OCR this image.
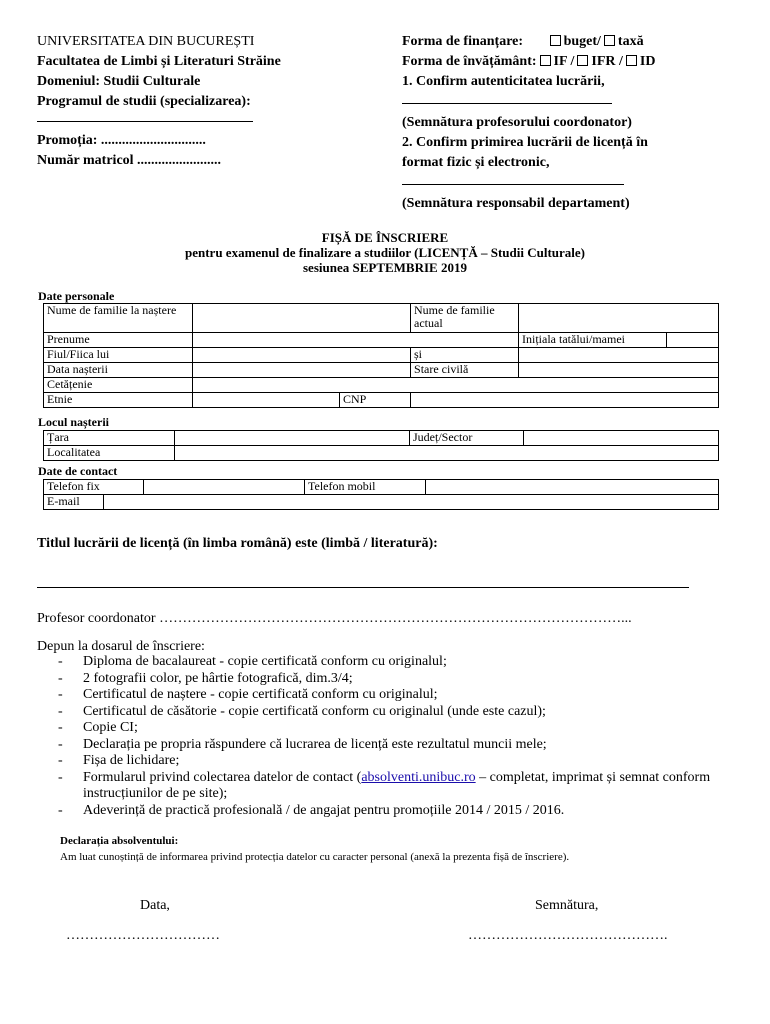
UNIVERSITATEA DIN BUCUREȘTI
Facultatea de Limbi și Literaturi Străine
Domeniul: Studii Culturale
Programul de studii (specializarea):
Promoția: ..............................
Număr matricol ........................
Forma de finanțare:	buget/ taxă
Forma de învățământ: IF / IFR / ID
1. Confirm autenticitatea lucrării,
(Semnătura profesorului coordonator)
2. Confirm primirea lucrării de licență în
format fizic și electronic,
(Semnătura responsabil departament)
FIȘĂ DE ÎNSCRIERE
pentru examenul de finalizare a studiilor (LICENȚĂ – Studii Culturale)
sesiunea SEPTEMBRIE 2019
Date personale
Nume de familie la nașterе			Nume de familie actual		
Prenume				Inițiala tatălui/mamei	
Fiul/Fiica lui			și		
Data nașterii			Stare civilă		
Cetățenie					
Etnie		CNP			
Locul nașterii
Țara		Județ/Sector	
Localitatea			
Date de contact
Telefon fix			Telefon mobil	
E-mail				
Titlul lucrării de licență (în limba română) este (limbă / literatură):
Profesor coordonator ………………………………………………………………………………………...
Depun la dosarul de înscriere:
- Diploma de bacalaureat - copie certificată conform cu originalul;
- 2 fotografii color, pe hârtie fotografică, dim.3/4;
- Certificatul de naștere - copie certificată conform cu originalul;
- Certificatul de căsătorie - copie certificată conform cu originalul (unde este cazul);
- Copie CI;
- Declarația pe propria răspundere că lucrarea de licență este rezultatul muncii mele;
- Fișa de lichidare;
- Formularul privind colectarea datelor de contact (absolventi.unibuc.ro – completat, imprimat și semnat conform instrucțiunilor de pe site);
- Adeverință de practică profesională / de angajat pentru promoțiile 2014 / 2015 / 2016.
Declarația absolventului:
Am luat cunoștință de informarea privind protecția datelor cu caracter personal (anexă la prezenta fișă de înscriere).
Data,	Semnătura,
……………………………	…………………………………….
